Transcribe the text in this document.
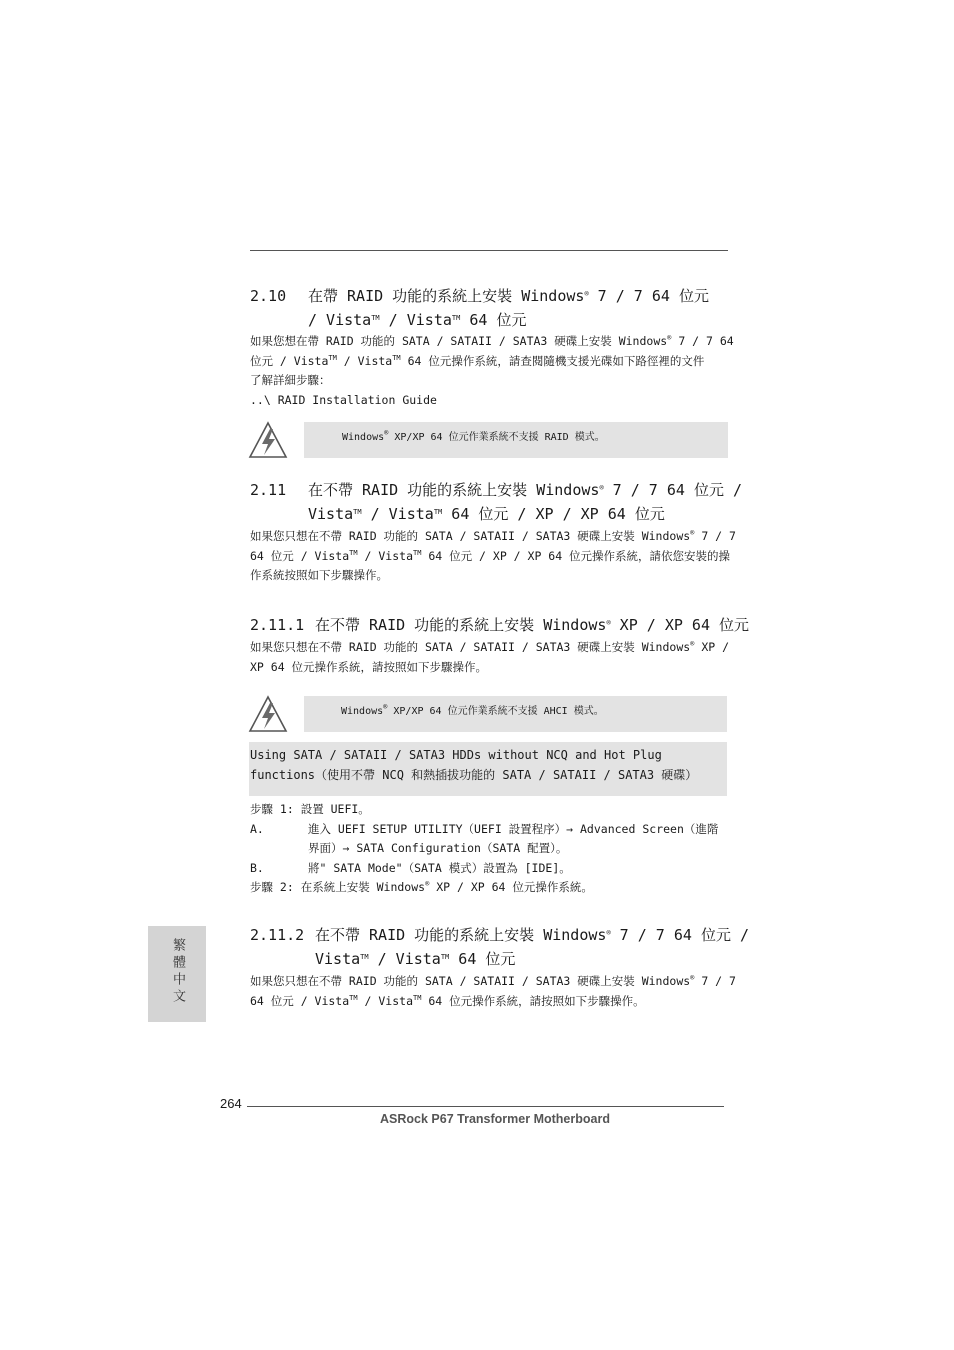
2.10 在帶 RAID 功能的系統上安裝 Windows® 7 / 7 64 位元
/ Vista™ / Vista™ 64 位元
如果您想在帶 RAID 功能的 SATA / SATAII / SATA3 硬碟上安裝 Windows® 7 / 7 64
位元 / Vista™ / Vista™ 64 位元操作系統，請查閱隨機支援光碟如下路徑裡的文件
了解詳細步驟：
..\ RAID Installation Guide
Windows® XP/XP 64 位元作業系統不支援 RAID 模式。
2.11 在不帶 RAID 功能的系統上安裝 Windows® 7 / 7 64 位元 /
Vista™ / Vista™ 64 位元 / XP / XP 64 位元
如果您只想在不帶 RAID 功能的 SATA / SATAII / SATA3 硬碟上安裝 Windows® 7 / 7
64 位元 / Vista™ / Vista™ 64 位元 / XP / XP 64 位元操作系統，請依您安裝的操
作系統按照如下步驟操作。
2.11.1 在不帶 RAID 功能的系統上安裝 Windows® XP / XP 64 位元
如果您只想在不帶 RAID 功能的 SATA / SATAII / SATA3 硬碟上安裝 Windows® XP /
XP 64 位元操作系統，請按照如下步驟操作。
Windows® XP/XP 64 位元作業系統不支援 AHCI 模式。
Using SATA / SATAII / SATA3 HDDs without NCQ and Hot Plug
functions（使用不帶 NCQ 和熱插拔功能的 SATA / SATAII / SATA3 硬碟）
步驟 1: 設置 UEFI。
A.	進入 UEFI SETUP UTILITY（UEFI 設置程序）→ Advanced Screen（進階
界面）→ SATA Configuration（SATA 配置）。
B.	將" SATA Mode"（SATA 模式）設置為 [IDE]。
步驟 2: 在系統上安裝 Windows® XP / XP 64 位元操作系統。
2.11.2 在不帶 RAID 功能的系統上安裝 Windows® 7 / 7 64 位元 /
Vista™ / Vista™ 64 位元
如果您只想在不帶 RAID 功能的 SATA / SATAII / SATA3 硬碟上安裝 Windows® 7 / 7
64 位元 / Vista™ / Vista™ 64 位元操作系統，請按照如下步驟操作。
繁體中文
264
ASRock P67 Transformer Motherboard
